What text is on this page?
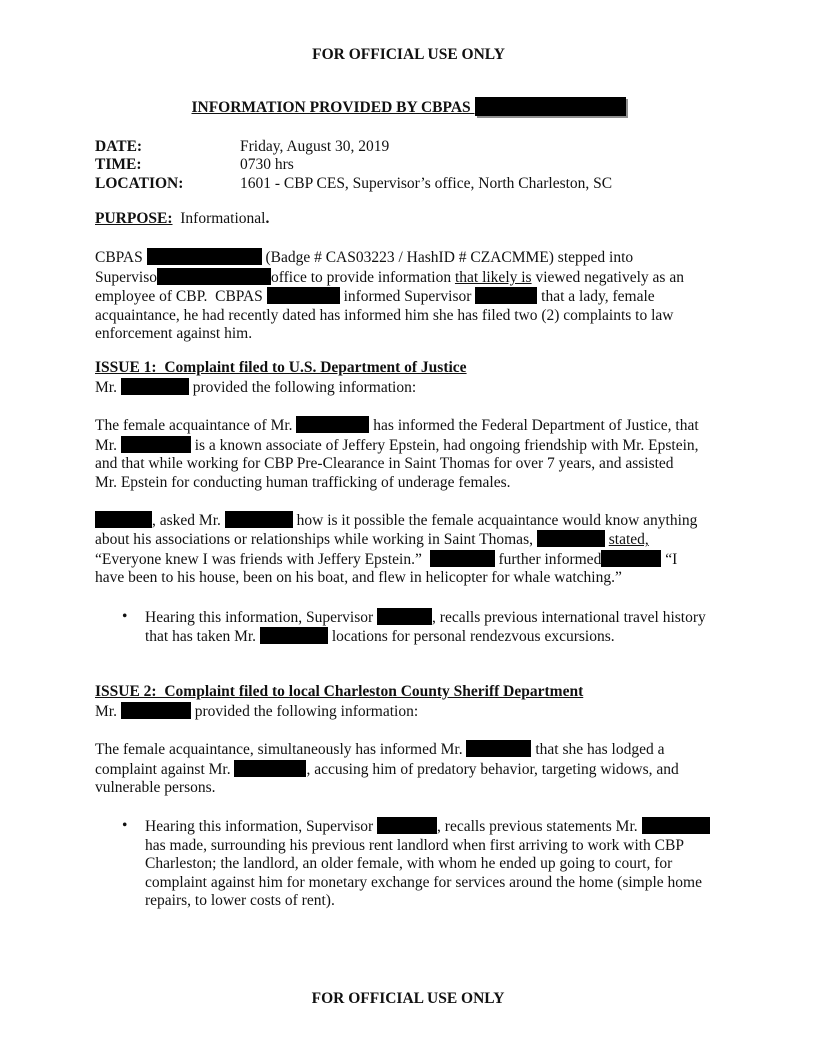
FOR OFFICIAL USE ONLY
INFORMATION PROVIDED BY CBPAS
DATE:	Friday, August 30, 2019
TIME:	0730 hrs
LOCATION:	1601 - CBP CES, Supervisor’s office, North Charleston, SC
PURPOSE:  Informational.
CBPAS	(Badge # CAS03223 / HashID # CZACMME) stepped into
Superviso	office to provide information that likely is viewed negatively as an
employee of CBP.  CBPAS	informed Supervisor	that a lady, female
acquaintance, he had recently dated has informed him she has filed two (2) complaints to law
enforcement against him.
ISSUE 1:  Complaint filed to U.S. Department of Justice
Mr.	provided the following information:
The female acquaintance of Mr.	has informed the Federal Department of Justice, that
Mr.	is a known associate of Jeffery Epstein, had ongoing friendship with Mr. Epstein,
and that while working for CBP Pre-Clearance in Saint Thomas for over 7 years, and assisted
Mr. Epstein for conducting human trafficking of underage females.
, asked Mr.	how is it possible the female acquaintance would know anything
about his associations or relationships while working in Saint Thomas,	stated,
“Everyone knew I was friends with Jeffery Epstein.”	further informed	“I
have been to his house, been on his boat, and flew in helicopter for whale watching.”
•	Hearing this information, Supervisor	, recalls previous international travel history
that has taken Mr.	locations for personal rendezvous excursions.
ISSUE 2:  Complaint filed to local Charleston County Sheriff Department
Mr.	provided the following information:
The female acquaintance, simultaneously has informed Mr.	that she has lodged a
complaint against Mr.	, accusing him of predatory behavior, targeting widows, and
vulnerable persons.
•	Hearing this information, Supervisor	, recalls previous statements Mr.
has made, surrounding his previous rent landlord when first arriving to work with CBP
Charleston; the landlord, an older female, with whom he ended up going to court, for
complaint against him for monetary exchange for services around the home (simple home
repairs, to lower costs of rent).
FOR OFFICIAL USE ONLY
